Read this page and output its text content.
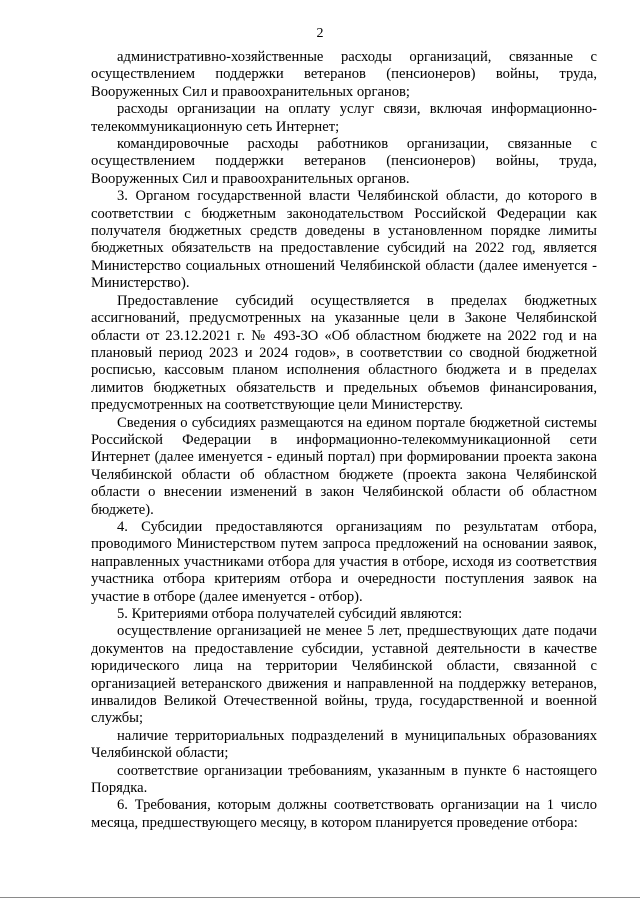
2

административно-хозяйственные расходы организаций, связанные с осуществлением поддержки ветеранов (пенсионеров) войны, труда, Вооруженных Сил и правоохранительных органов;

расходы организации на оплату услуг связи, включая информационно-телекоммуникационную сеть Интернет;

командировочные расходы работников организации, связанные с осуществлением поддержки ветеранов (пенсионеров) войны, труда, Вооруженных Сил и правоохранительных органов.

3. Органом государственной власти Челябинской области, до которого в соответствии с бюджетным законодательством Российской Федерации как получателя бюджетных средств доведены в установленном порядке лимиты бюджетных обязательств на предоставление субсидий на 2022 год, является Министерство социальных отношений Челябинской области (далее именуется - Министерство).

Предоставление субсидий осуществляется в пределах бюджетных ассигнований, предусмотренных на указанные цели в Законе Челябинской области от 23.12.2021 г. № 493-ЗО «Об областном бюджете на 2022 год и на плановый период 2023 и 2024 годов», в соответствии со сводной бюджетной росписью, кассовым планом исполнения областного бюджета и в пределах лимитов бюджетных обязательств и предельных объемов финансирования, предусмотренных на соответствующие цели Министерству.

Сведения о субсидиях размещаются на едином портале бюджетной системы Российской Федерации в информационно-телекоммуникационной сети Интернет (далее именуется - единый портал) при формировании проекта закона Челябинской области об областном бюджете (проекта закона Челябинской области о внесении изменений в закон Челябинской области об областном бюджете).

4. Субсидии предоставляются организациям по результатам отбора, проводимого Министерством путем запроса предложений на основании заявок, направленных участниками отбора для участия в отборе, исходя из соответствия участника отбора критериям отбора и очередности поступления заявок на участие в отборе (далее именуется - отбор).

5. Критериями отбора получателей субсидий являются:

осуществление организацией не менее 5 лет, предшествующих дате подачи документов на предоставление субсидии, уставной деятельности в качестве юридического лица на территории Челябинской области, связанной с организацией ветеранского движения и направленной на поддержку ветеранов, инвалидов Великой Отечественной войны, труда, государственной и военной службы;

наличие территориальных подразделений в муниципальных образованиях Челябинской области;

соответствие организации требованиям, указанным в пункте 6 настоящего Порядка.

6. Требования, которым должны соответствовать организации на 1 число месяца, предшествующего месяцу, в котором планируется проведение отбора:
